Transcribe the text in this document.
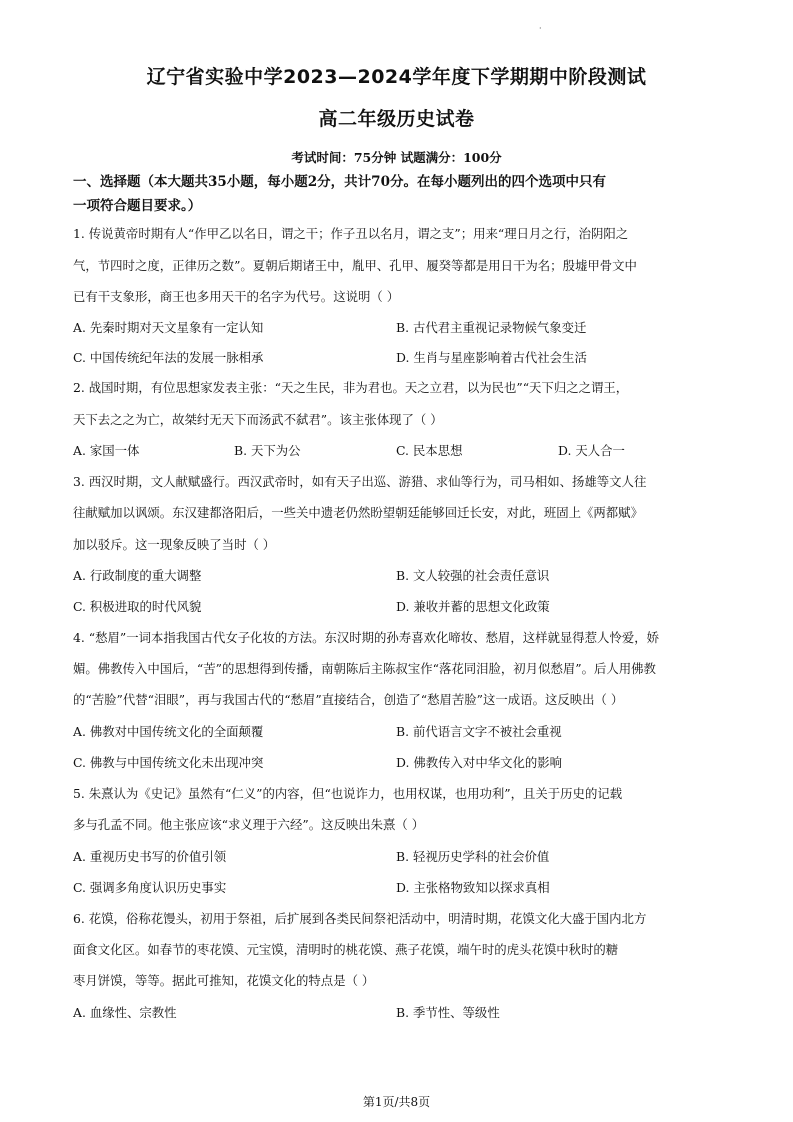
辽宁省实验中学2023—2024学年度下学期期中阶段测试
高二年级历史试卷
考试时间：75分钟 试题满分：100分
一、选择题（本大题共35小题，每小题2分，共计70分。在每小题列出的四个选项中只有
一项符合题目要求。）
1. 传说黄帝时期有人“作甲乙以名日，谓之干；作子丑以名月，谓之支”；用来“理日月之行，治阴阳之
气，节四时之度，正律历之数”。夏朝后期诸王中，胤甲、孔甲、履癸等都是用日干为名；殷墟甲骨文中
已有干支象形，商王也多用天干的名字为代号。这说明（ ）
A. 先秦时期对天文星象有一定认知	B. 古代君主重视记录物候气象变迁
C. 中国传统纪年法的发展一脉相承	D. 生肖与星座影响着古代社会生活
2. 战国时期，有位思想家发表主张：“天之生民，非为君也。天之立君，以为民也”“天下归之之谓王，
天下去之之为亡，故桀纣无天下而汤武不弑君”。该主张体现了（ ）
A. 家国一体	B. 天下为公	C. 民本思想	D. 天人合一
3. 西汉时期，文人献赋盛行。西汉武帝时，如有天子出巡、游猎、求仙等行为，司马相如、扬雄等文人往
往献赋加以讽颂。东汉建都洛阳后，一些关中遗老仍然盼望朝廷能够回迁长安，对此，班固上《两都赋》
加以驳斥。这一现象反映了当时（ ）
A. 行政制度的重大调整	B. 文人较强的社会责任意识
C. 积极进取的时代风貌	D. 兼收并蓄的思想文化政策
4. “愁眉”一词本指我国古代女子化妆的方法。东汉时期的孙寿喜欢化啼妆、愁眉，这样就显得惹人怜爱，娇
媚。佛教传入中国后，“苦”的思想得到传播，南朝陈后主陈叔宝作“落花同泪脸，初月似愁眉”。后人用佛教
的“苦脸”代替“泪眼”，再与我国古代的“愁眉”直接结合，创造了“愁眉苦脸”这一成语。这反映出（ ）
A. 佛教对中国传统文化的全面颠覆	B. 前代语言文字不被社会重视
C. 佛教与中国传统文化未出现冲突	D. 佛教传入对中华文化的影响
5. 朱熹认为《史记》虽然有“仁义”的内容，但“也说诈力，也用权谋，也用功利”，且关于历史的记载
多与孔孟不同。他主张应该“求义理于六经”。这反映出朱熹（ ）
A. 重视历史书写的价值引领	B. 轻视历史学科的社会价值
C. 强调多角度认识历史事实	D. 主张格物致知以探求真相
6. 花馍，俗称花馒头，初用于祭祖，后扩展到各类民间祭祀活动中，明清时期，花馍文化大盛于国内北方
面食文化区。如春节的枣花馍、元宝馍，清明时的桃花馍、燕子花馍，端午时的虎头花馍中秋时的糖
枣月饼馍，等等。据此可推知，花馍文化的特点是（ ）
A. 血缘性、宗教性	B. 季节性、等级性
·
第1页/共8页
